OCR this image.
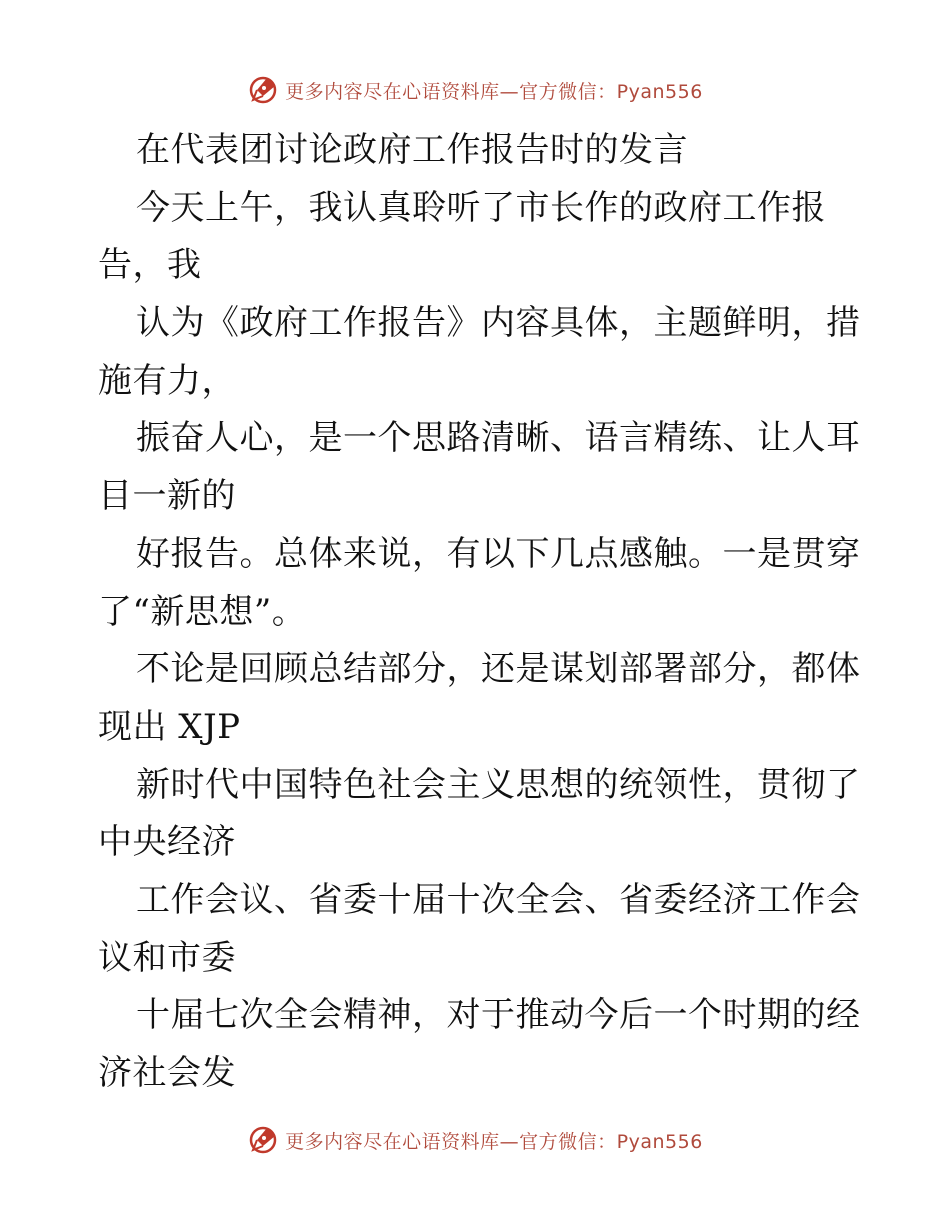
更多内容尽在心语资料库—官方微信：Pyan556
在代表团讨论政府工作报告时的发言
今天上午，我认真聆听了市长作的政府工作报
告，我
认为《政府工作报告》内容具体，主题鲜明，措
施有力，
振奋人心，是一个思路清晰、语言精练、让人耳
目一新的
好报告。总体来说，有以下几点感触。一是贯穿
了“新思想”。
不论是回顾总结部分，还是谋划部署部分，都体
现出 XJP
新时代中国特色社会主义思想的统领性，贯彻了
中央经济
工作会议、省委十届十次全会、省委经济工作会
议和市委
十届七次全会精神，对于推动今后一个时期的经
济社会发
更多内容尽在心语资料库—官方微信：Pyan556
